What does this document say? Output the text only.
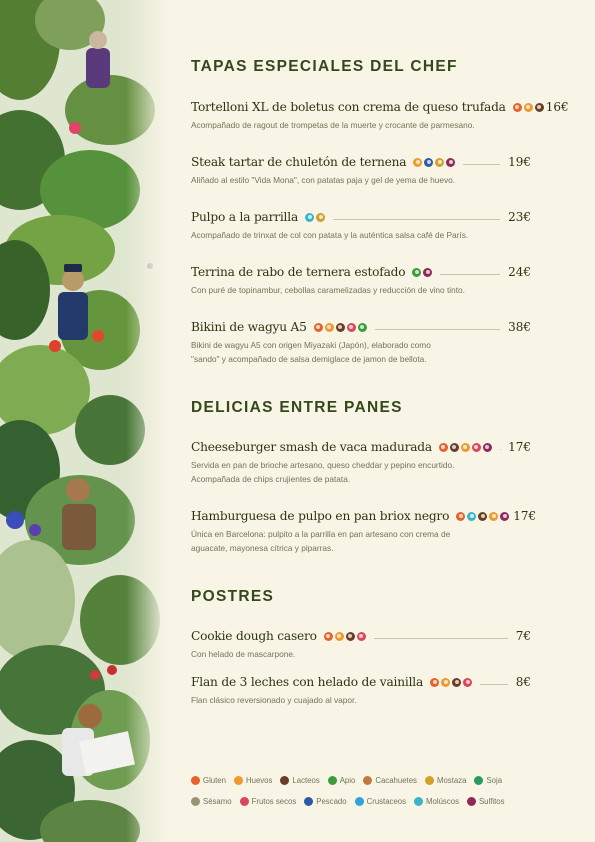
TAPAS ESPECIALES DEL CHEF
Tortelloni XL de boletus con crema de queso trufada	16€
Acompañado de ragout de trompetas de la muerte y crocante de parmesano.
Steak tartar de chuletón de ternena	19€
Aliñado al estilo "Vida Mona", con patatas paja y gel de yema de huevo.
Pulpo a la parrilla	23€
Acompañado de trinxat de col con patata y la auténtica salsa café de París.
Terrina de rabo de ternera estofado	24€
Con puré de topinambur, cebollas caramelizadas y reducción de vino tinto.
Bikini de wagyu A5	38€
Bikini de wagyu A5 con origen Miyazaki (Japón), elaborado como
"sando" y acompañado de salsa demiglace de jamon de bellota.
DELICIAS ENTRE PANES
Cheeseburger smash de vaca madurada	17€
Servida en pan de brioche artesano, queso cheddar y pepino encurtido.
Acompañada de chips crujientes de patata.
Hamburguesa de pulpo en pan briox negro	17€
Única en Barcelona: pulpito a la parrilla en pan artesano con crema de
aguacate, mayonesa cítrica y piparras.
POSTRES
Cookie dough casero	7€
Con helado de mascarpone.
Flan de 3 leches con helado de vainilla	8€
Flan clásico reversionado y cuajado al vapor.
Gluten	Huevos	Lacteos	Apio	Cacahuetes	Mostaza	Soja
Sésamo	Frutos secos	Pescado	Crustaceos	Molúscos	Sulfitos
